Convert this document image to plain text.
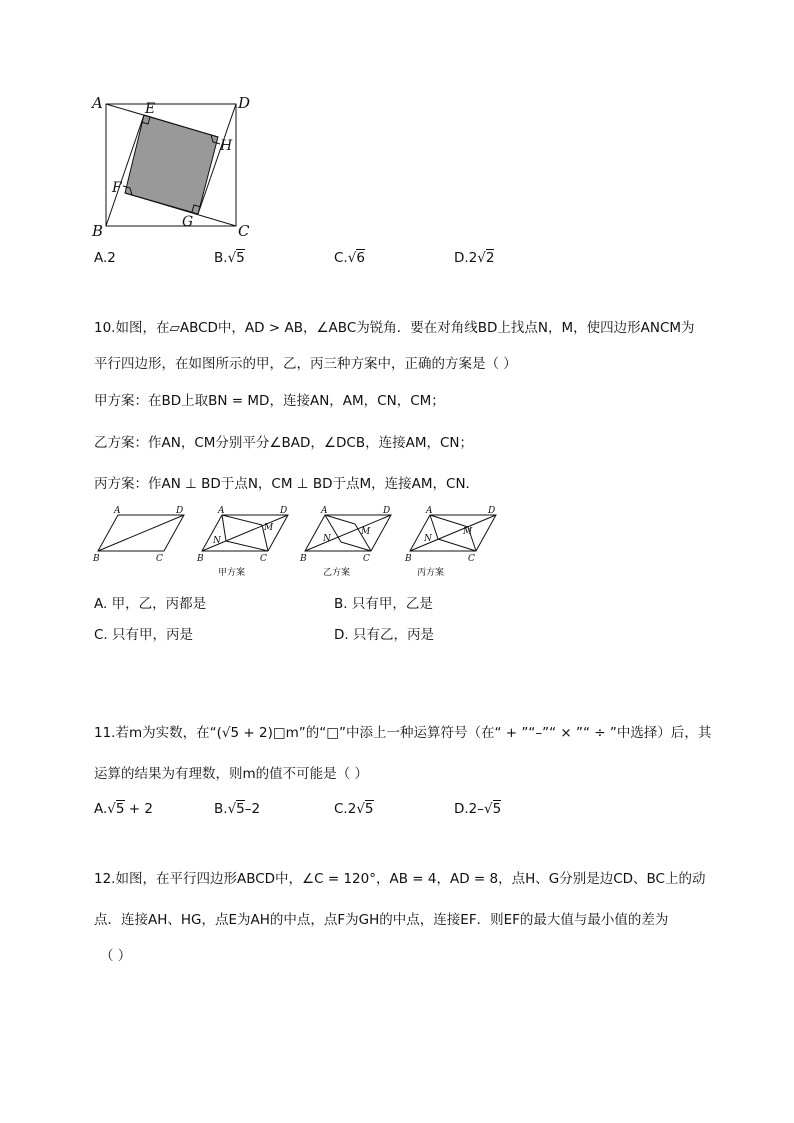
A	D
B	C
E
H
F
G
A.2	B.√5	C.√6	D.2√2
10.如图，在▱ABCD中，AD > AB，∠ABC为锐角．要在对角线BD上找点N，M，使四边形ANCM为
平行四边形，在如图所示的甲，乙，丙三种方案中，正确的方案是（ ）
甲方案：在BD上取BN = MD，连接AN，AM，CN，CM；
乙方案：作AN，CM分别平分∠BAD，∠DCB，连接AM，CN；
丙方案：作AN ⊥ BD于点N，CM ⊥ BD于点M，连接AM，CN．
A	D
B	C
A	D
B	C
N
M
A	D
B	C
N
M
A	D
B	C
N
M
甲方案	乙方案	丙方案
A. 甲，乙，丙都是	B. 只有甲，乙是
C. 只有甲，丙是	D. 只有乙，丙是
11.若m为实数，在“(√5 + 2)□m”的“□”中添上一种运算符号（在“ + ”“–”“ × ”“ ÷ ”中选择）后，其
运算的结果为有理数，则m的值不可能是（ ）
A.√5 + 2	B.√5–2	C.2√5	D.2–√5
12.如图，在平行四边形ABCD中，∠C = 120°，AB = 4，AD = 8，点H、G分别是边CD、BC上的动
点．连接AH、HG，点E为AH的中点，点F为GH的中点，连接EF．则EF的最大值与最小值的差为
（ ）
